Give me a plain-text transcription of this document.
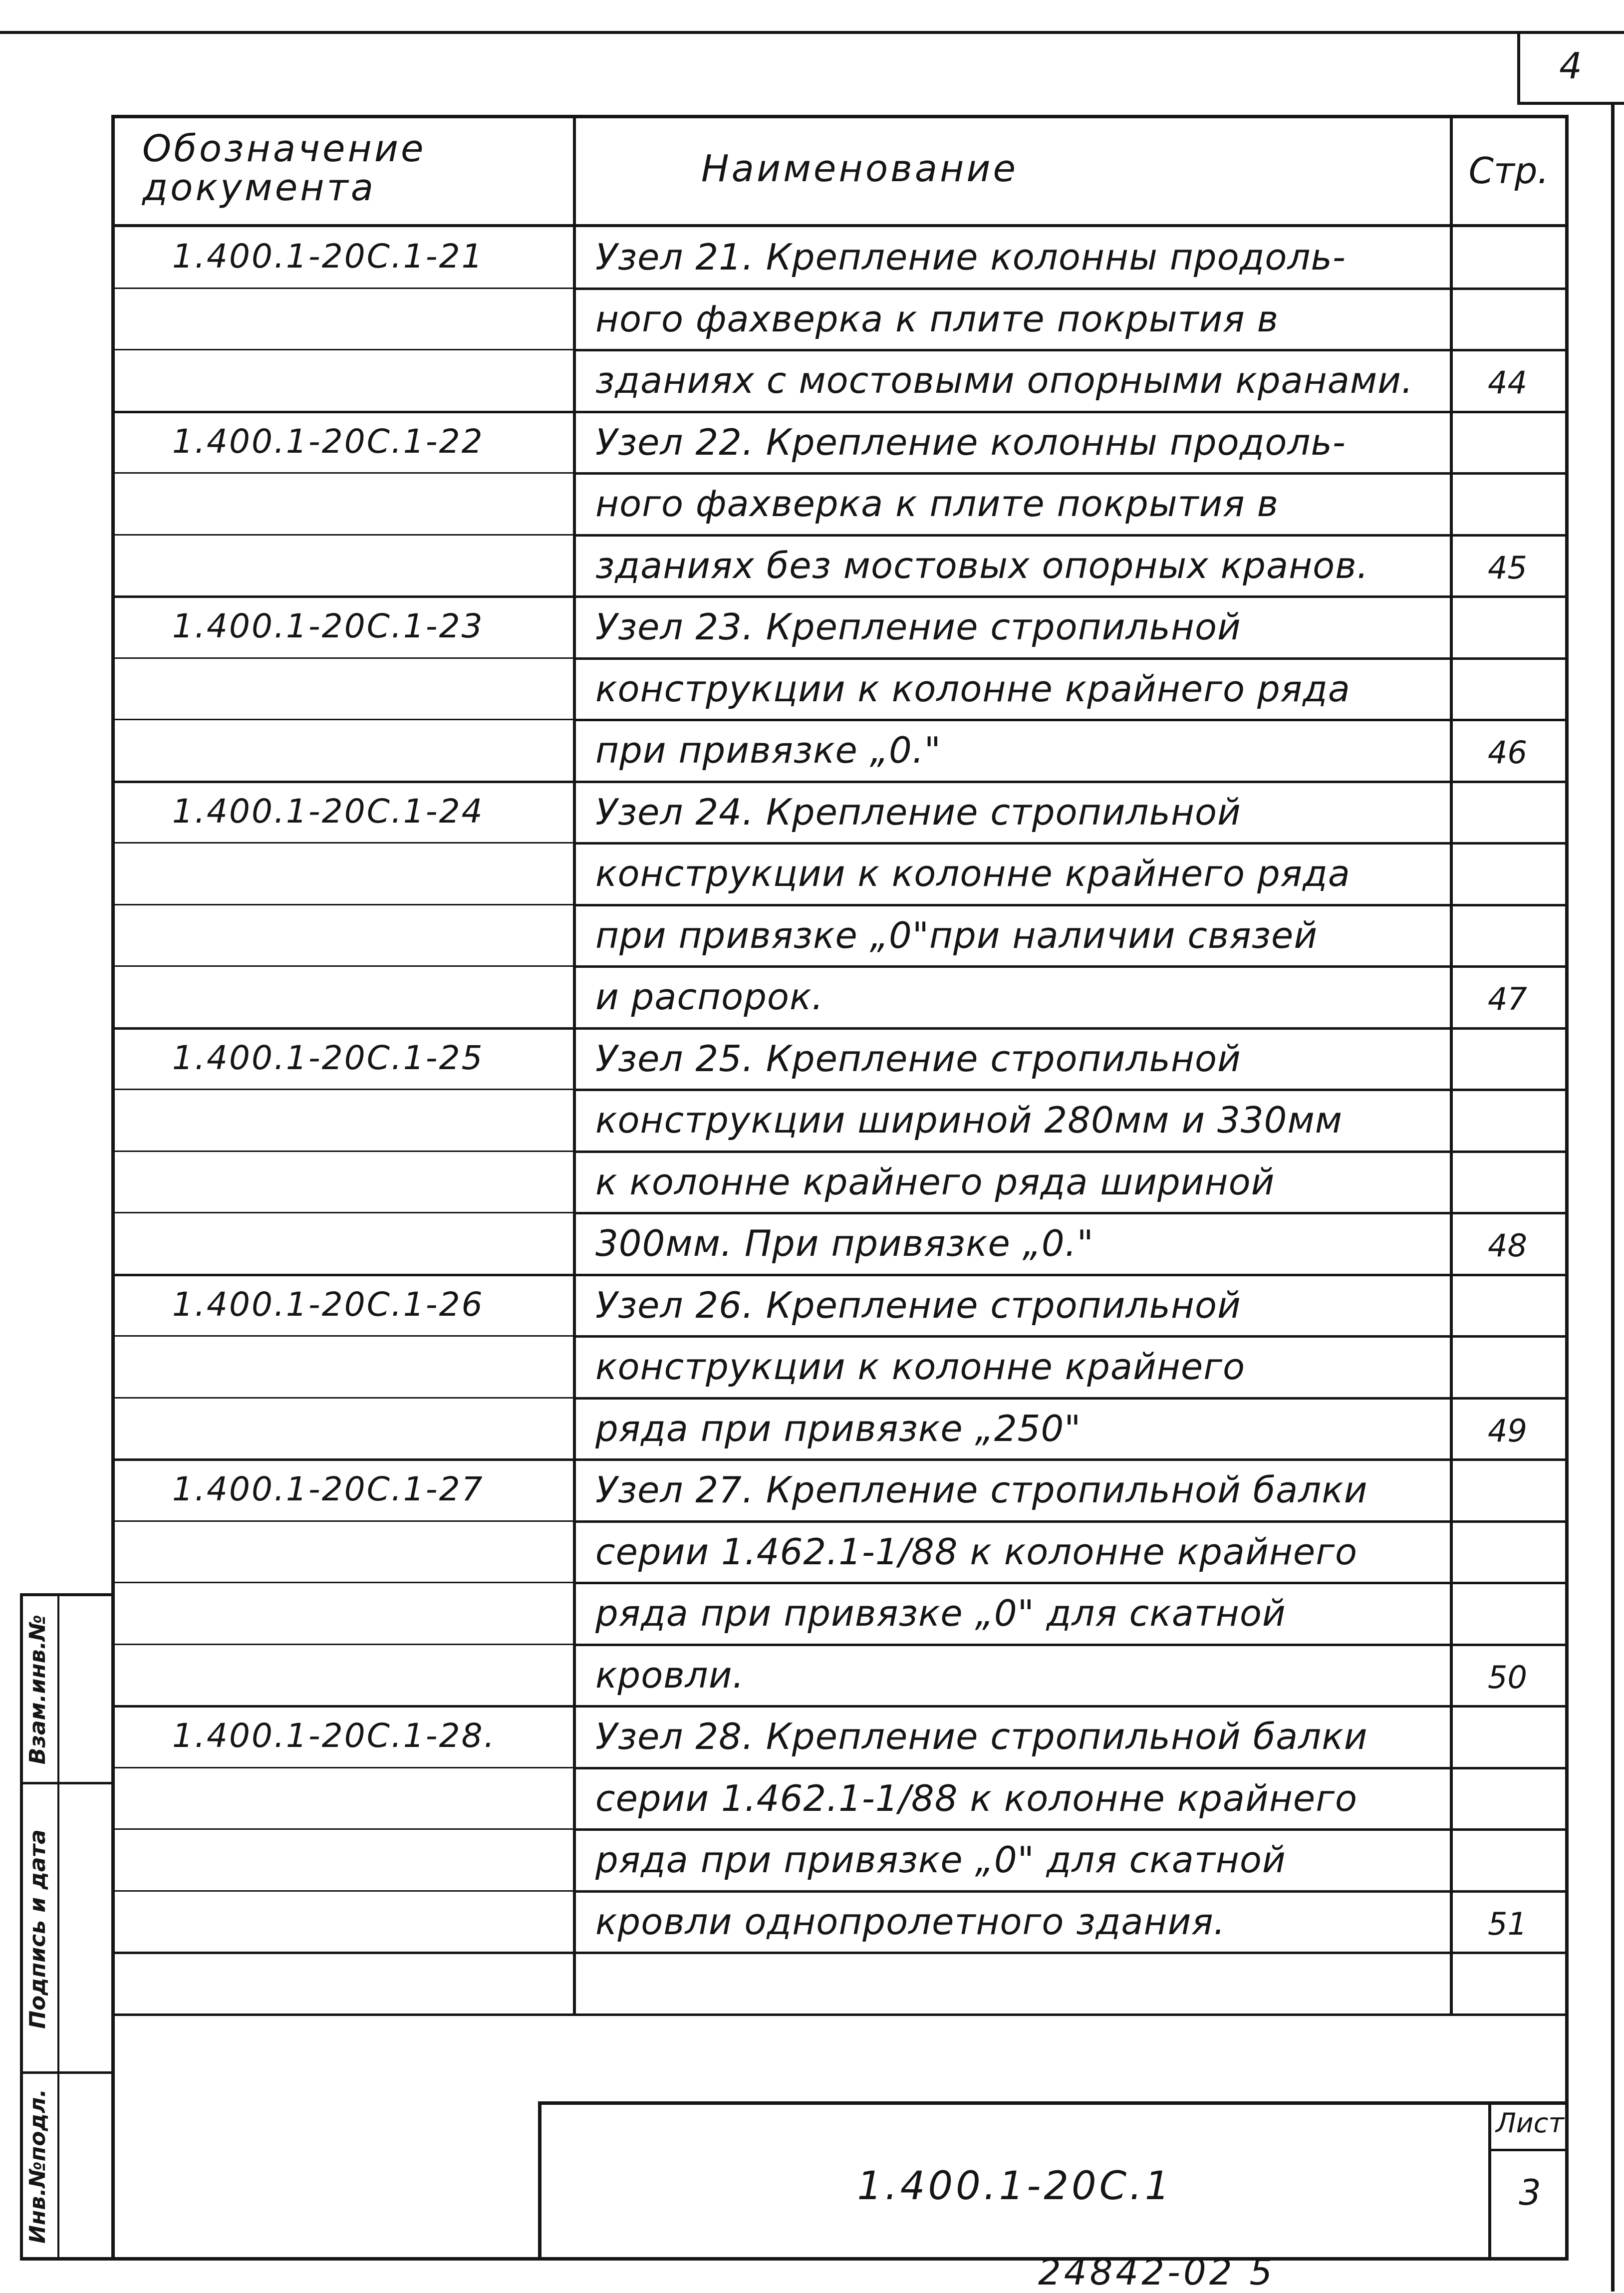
4
Обозначение
документа	Наименование	Стр.
1.400.1-20С.1-21	Узел 21. Крепление колонны продоль-
ного фахверка к плите покрытия в
зданиях с мостовыми опорными кранами.	44
1.400.1-20С.1-22	Узел 22. Крепление колонны продоль-
ного фахверка к плите покрытия в
зданиях без мостовых опорных кранов.	45
1.400.1-20С.1-23	Узел 23. Крепление стропильной
конструкции к колонне крайнего ряда
при привязке „0."	46
1.400.1-20С.1-24	Узел 24. Крепление стропильной
конструкции к колонне крайнего ряда
при привязке „0"при наличии связей
и распорок.	47
1.400.1-20С.1-25	Узел 25. Крепление стропильной
конструкции шириной 280мм и 330мм
к колонне крайнего ряда шириной
300мм. При привязке „0."	48
1.400.1-20С.1-26	Узел 26. Крепление стропильной
конструкции к колонне крайнего
ряда при привязке „250"	49
1.400.1-20С.1-27	Узел 27. Крепление стропильной балки
серии 1.462.1-1/88 к колонне крайнего
ряда при привязке „0" для скатной
кровли.	50
1.400.1-20С.1-28.	Узел 28. Крепление стропильной балки
серии 1.462.1-1/88 к колонне крайнего
ряда при привязке „0" для скатной
кровли однопролетного здания.	51
Взам.инв.№
Подпись и дата
Инв.№подл.	1.400.1-20С.1
Лист
3
24842-02 5
